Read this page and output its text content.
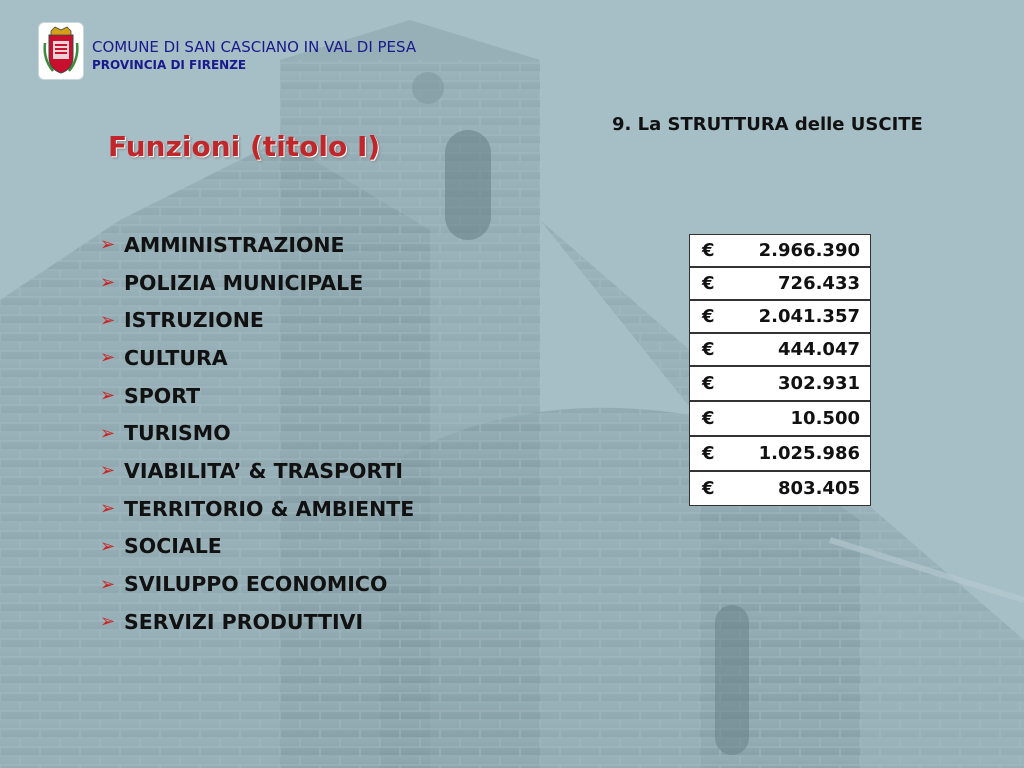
COMUNE DI SAN CASCIANO IN VAL DI PESA
PROVINCIA DI FIRENZE
9. La STRUTTURA delle USCITE
Funzioni (titolo I)
➢ AMMINISTRAZIONE
➢ POLIZIA MUNICIPALE
➢ ISTRUZIONE
➢ CULTURA
➢ SPORT
➢ TURISMO
➢ VIABILITA’ & TRASPORTI
➢ TERRITORIO & AMBIENTE
➢ SOCIALE
➢ SVILUPPO ECONOMICO
➢ SERVIZI PRODUTTIVI
€ 2.966.390
€	726.433
€ 2.041.357
€	444.047
€	302.931
€	10.500
€ 1.025.986
€	803.405
